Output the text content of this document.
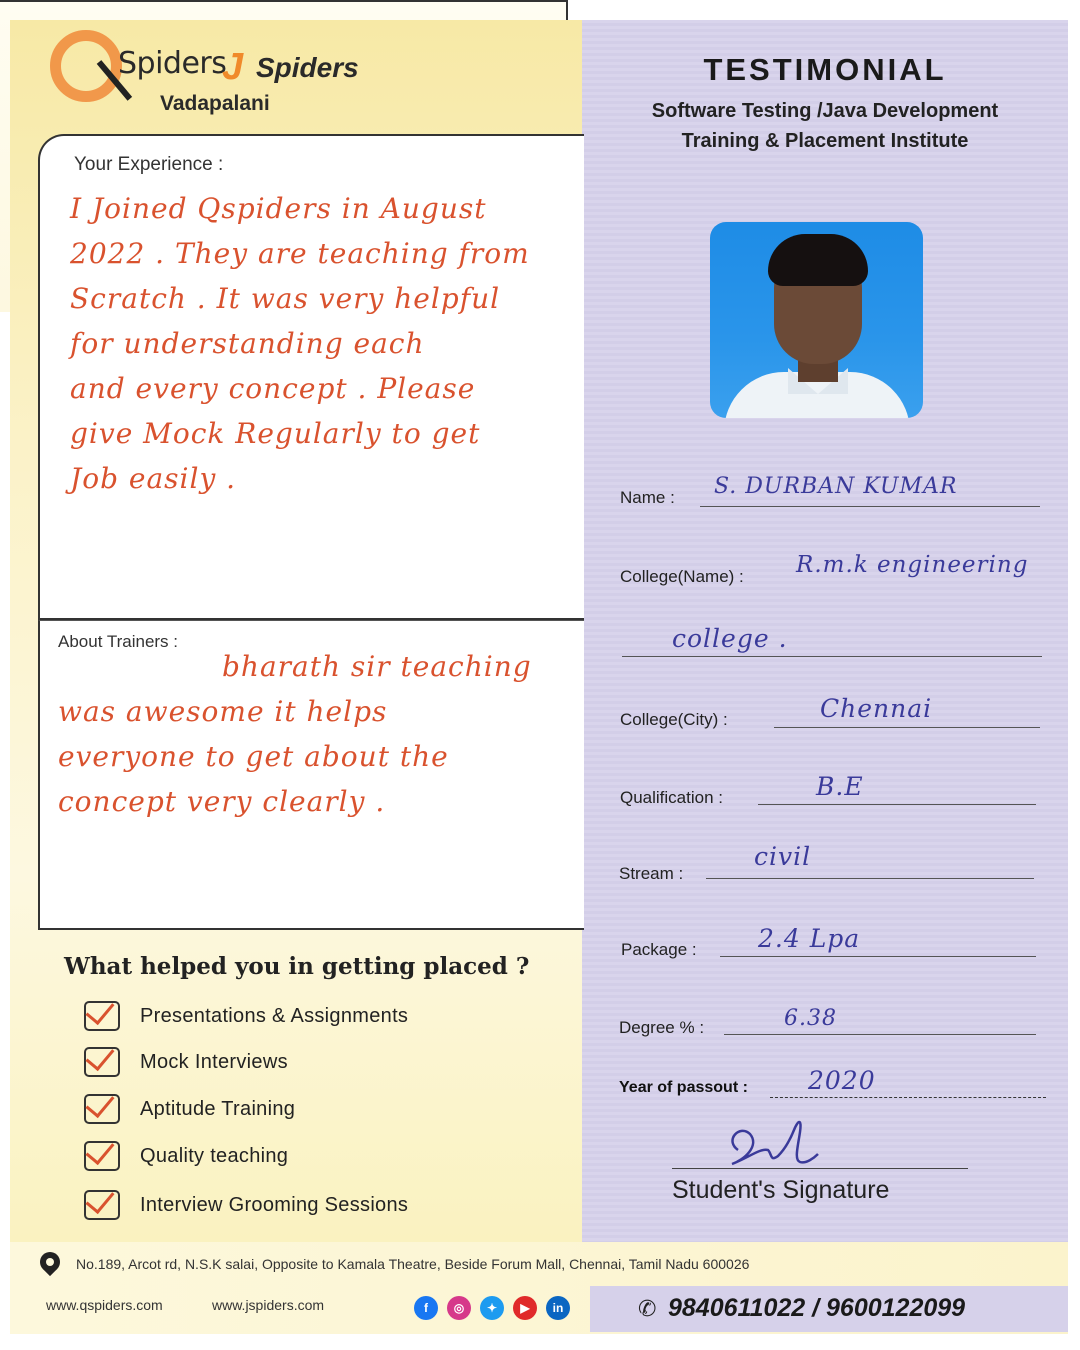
Spiders
J Spiders
Vadapalani
TESTIMONIAL
Software Testing /Java Development
Training & Placement Institute
Your Experience :
I Joined Qspiders in August
2022 . They are teaching from
Scratch . It was very helpful
for understanding each
and every concept . Please
give Mock Regularly to get
Job easily .
About Trainers :
bharath sir teaching
was awesome it helps
everyone to get about the
concept very clearly .
What helped you in getting placed ?
Presentations & Assignments
Mock Interviews
Aptitude Training
Quality teaching
Interview Grooming Sessions
Name : S. DURBAN KUMAR
College(Name) : R.m.k engineering
college .
College(City) :	Chennai
Qualification :	B.E
Stream :
civil
Package : 2.4 Lpa
Degree % :	6.38
Year of passout : 2020
Student's Signature
No.189, Arcot rd, N.S.K salai, Opposite to Kamala Theatre, Beside Forum Mall, Chennai, Tamil Nadu 600026
www.qspiders.com	www.jspiders.com	f	◎	✦	▶	in	✆ 9840611022 / 9600122099
